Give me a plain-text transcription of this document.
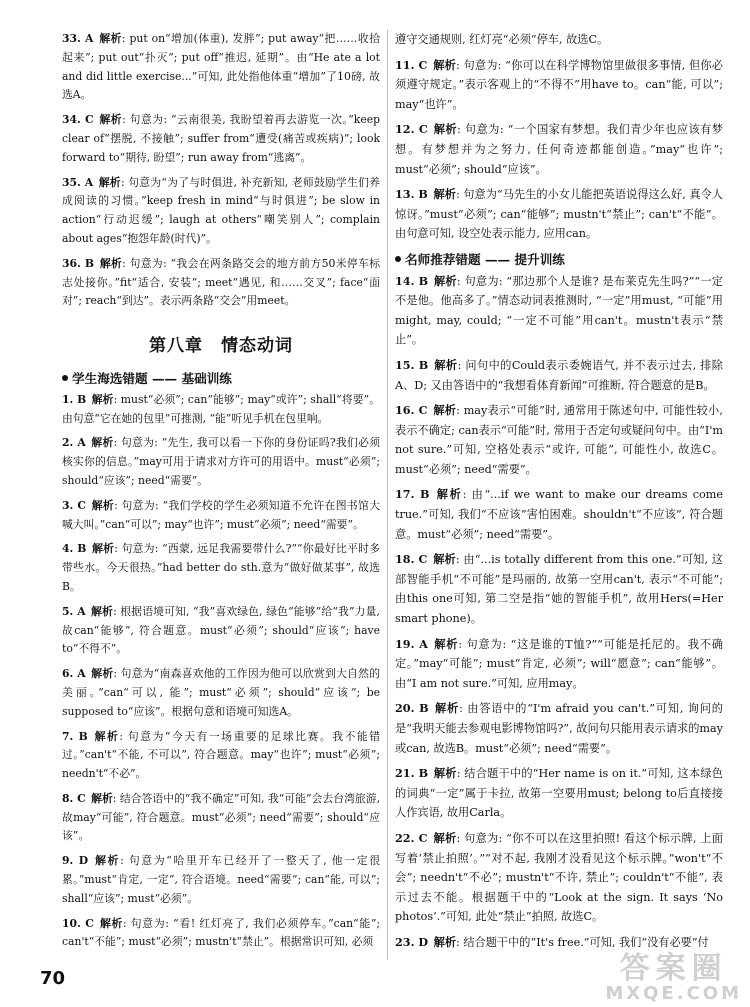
33. A  解析: put on“增加(体重), 发胖”; put away“把……收拾起来”; put out“扑灭”; put off“推迟, 延期”。由“He ate a lot and did little exercise...”可知, 此处指他体重“增加”了10磅, 故选A。
34. C  解析: 句意为: “云南很美, 我盼望着再去游览一次。”keep clear of“摆脱, 不接触”; suffer from“遭受(痛苦或疾病)”; look forward to“期待, 盼望”; run away from“逃离”。
35. A  解析: 句意为“为了与时俱进, 补充新知, 老师鼓励学生们养成阅读的习惯。”keep fresh in mind“与时俱进”; be slow in action“行动迟缓”; laugh at others“嘲笑别人”; complain about ages“抱怨年龄(时代)”。
36. B  解析: 句意为: “我会在两条路交会的地方前方50米停车标志处接你。”fit“适合, 安装”; meet“遇见, 和……交叉”; face“面对”; reach“到达”。表示两条路“交会”用meet。
第八章　情态动词
学生海选错题 —— 基础训练
1. B  解析: must“必须”; can“能够”; may“或许”; shall“将要”。由句意“它在她的包里”可推测, “能”听见手机在包里响。
2. A  解析: 句意为: “先生, 我可以看一下你的身份证吗?我们必须核实你的信息。”may可用于请求对方许可的用语中。must“必须”; should“应该”; need“需要”。
3. C  解析: 句意为: “我们学校的学生必须知道不允许在图书馆大喊大叫。”can“可以”; may“也许”; must“必须”; need“需要”。
4. B  解析: 句意为: “西蒙, 远足我需要带什么?”“你最好比平时多带些水。今天很热。”had better do sth.意为“做好做某事”, 故选B。
5. A  解析: 根据语境可知, “我”喜欢绿色, 绿色“能够”给“我”力量, 故can“能够”, 符合题意。must“必须”; should“应该”; have to“不得不”。
6. A  解析: 句意为“南森喜欢他的工作因为他可以欣赏到大自然的美丽。”can“可以, 能”; must“必须”; should“应该”; be supposed to“应该”。根据句意和语境可知选A。
7. B  解析: 句意为“今天有一场重要的足球比赛。我不能错过。”can't“不能, 不可以”, 符合题意。may“也许”; must“必须”; needn't“不必”。
8. C  解析: 结合答语中的“我不确定”可知, 我“可能”会去台湾旅游, 故may“可能”, 符合题意。must“必须”; need“需要”; should“应该”。
9. D  解析: 句意为“哈里开车已经开了一整天了, 他一定很累。”must“肯定, 一定”, 符合语境。need“需要”; can“能, 可以”; shall“应该”; must“必须”。
10. C  解析: 句意为: “看! 红灯亮了, 我们必须停车。”can“能”; can't“不能”; must“必须”; mustn't“禁止”。根据常识可知, 必须
遵守交通规则, 红灯亮“必须”停车, 故选C。
11. C  解析: 句意为: “你可以在科学博物馆里做很多事情, 但你必须遵守规定。”表示客观上的“不得不”用have to。can“能, 可以”; may“也许”。
12. C  解析: 句意为: “一个国家有梦想。我们青少年也应该有梦想。有梦想并为之努力, 任何奇迹都能创造。”may“也许”; must“必须”; should“应该”。
13. B  解析: 句意为“马先生的小女儿能把英语说得这么好, 真令人惊讶。”must“必须”; can“能够”; mustn't“禁止”; can't“不能”。由句意可知, 设空处表示能力, 应用can。
名师推荐错题 —— 提升训练
14. B  解析: 句意为: “那边那个人是谁? 是布莱克先生吗?”“一定不是他。他高多了。”情态动词表推测时, “一定”用must, “可能”用might, may, could; “一定不可能”用can't。mustn't表示“禁止”。
15. B  解析: 问句中的Could表示委婉语气, 并不表示过去, 排除A、D; 又由答语中的“我想看体育新闻”可推断, 符合题意的是B。
16. C  解析: may表示“可能”时, 通常用于陈述句中, 可能性较小, 表示不确定; can表示“可能”时, 常用于否定句或疑问句中。由“I'm not sure.”可知, 空格处表示“或许, 可能”, 可能性小, 故选C。must“必须”; need“需要”。
17. B  解析: 由“...if we want to make our dreams come true.”可知, 我们“不应该”害怕困难。shouldn't“不应该”, 符合题意。must“必须”; need“需要”。
18. C  解析: 由“...is totally different from this one.”可知, 这部智能手机“不可能”是玛丽的, 故第一空用can't, 表示“不可能”; 由this one可知, 第二空是指“她的智能手机”, 故用Hers(=Her smart phone)。
19. A  解析: 句意为: “这是谁的T恤?”“可能是托尼的。我不确定。”may“可能”; must“肯定, 必须”; will“愿意”; can“能够”。由“I am not sure.”可知, 应用may。
20. B  解析: 由答语中的“I'm afraid you can't.”可知, 询问的是“我明天能去参观电影博物馆吗?”, 故问句只能用表示请求的may或can, 故选B。must“必须”; need“需要”。
21. B  解析: 结合题干中的“Her name is on it.”可知, 这本绿色的词典“一定”属于卡拉, 故第一空要用must; belong to后直接接人作宾语, 故用Carla。
22. C  解析: 句意为: “你不可以在这里拍照! 看这个标示牌, 上面写着‘禁止拍照’。”“对不起, 我刚才没看见这个标示牌。”won't“不会”; needn't“不必”; mustn't“不许, 禁止”; couldn't“不能”, 表示过去不能。根据题干中的“Look at the sign. It says ‘No photos’.”可知, 此处“禁止”拍照, 故选C。
23. D  解析: 结合题干中的“It's free.”可知, 我们“没有必要”付
70	答案圈
MXQE.COM
